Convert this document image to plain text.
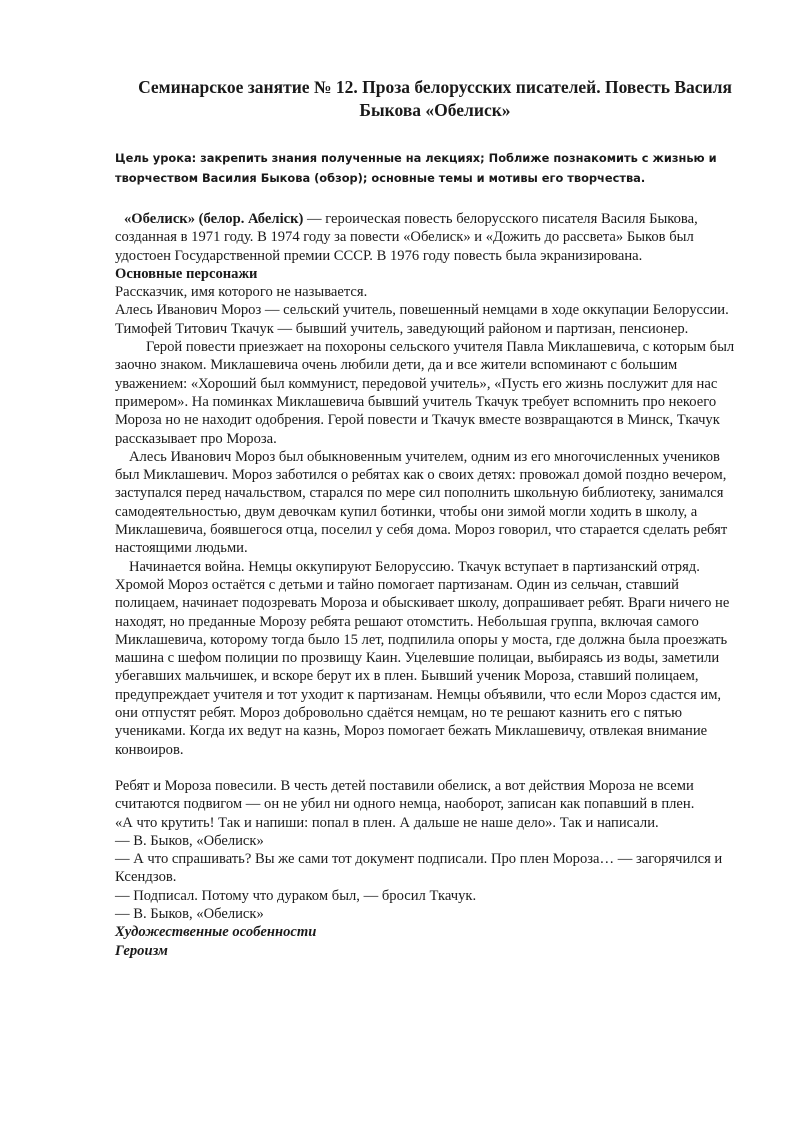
Семинарское занятие № 12. Проза белорусских писателей. Повесть Василя Быкова «Обелиск»

Цель урока: закрепить знания полученные на лекциях; Поближе познакомить с жизнью и творчеством Василия Быкова (обзор); основные темы и мотивы его творчества.

«Обелиск» (белор. Абеліск) — героическая повесть белорусского писателя Василя Быкова, созданная в 1971 году. В 1974 году за повести «Обелиск» и «Дожить до рассвета» Быков был удостоен Государственной премии СССР. В 1976 году повесть была экранизирована.

Основные персонажи

Рассказчик, имя которого не называется.

Алесь Иванович Мороз — сельский учитель, повешенный немцами в ходе оккупации Белоруссии.

Тимофей Титович Ткачук — бывший учитель, заведующий районом и партизан, пенсионер.

Герой повести приезжает на похороны сельского учителя Павла Миклашевича, с которым был заочно знаком. Миклашевича очень любили дети, да и все жители вспоминают с большим уважением: «Хороший был коммунист, передовой учитель», «Пусть его жизнь послужит для нас примером». На поминках Миклашевича бывший учитель Ткачук требует вспомнить про некоего Мороза но не находит одобрения. Герой повести и Ткачук вместе возвращаются в Минск, Ткачук рассказывает про Мороза.

Алесь Иванович Мороз был обыкновенным учителем, одним из его многочисленных учеников был Миклашевич. Мороз заботился о ребятах как о своих детях: провожал домой поздно вечером, заступался перед начальством, старался по мере сил пополнить школьную библиотеку, занимался самодеятельностью, двум девочкам купил ботинки, чтобы они зимой могли ходить в школу, а Миклашевича, боявшегося отца, поселил у себя дома. Мороз говорил, что старается сделать ребят настоящими людьми.

Начинается война. Немцы оккупируют Белоруссию. Ткачук вступает в партизанский отряд. Хромой Мороз остаётся с детьми и тайно помогает партизанам. Один из сельчан, ставший полицаем, начинает подозревать Мороза и обыскивает школу, допрашивает ребят. Враги ничего не находят, но преданные Морозу ребята решают отомстить. Небольшая группа, включая самого Миклашевича, которому тогда было 15 лет, подпилила опоры у моста, где должна была проезжать машина с шефом полиции по прозвищу Каин. Уцелевшие полицаи, выбираясь из воды, заметили убегавших мальчишек, и вскоре берут их в плен. Бывший ученик Мороза, ставший полицаем, предупреждает учителя и тот уходит к партизанам. Немцы объявили, что если Мороз сдастся им, они отпустят ребят. Мороз добровольно сдаётся немцам, но те решают казнить его с пятью учениками. Когда их ведут на казнь, Мороз помогает бежать Миклашевичу, отвлекая внимание конвоиров.

Ребят и Мороза повесили. В честь детей поставили обелиск, а вот действия Мороза не всеми считаются подвигом — он не убил ни одного немца, наоборот, записан как попавший в плен.

«А что крутить! Так и напиши: попал в плен. А дальше не наше дело». Так и написали.

— В. Быков, «Обелиск»

— А что спрашивать? Вы же сами тот документ подписали. Про плен Мороза… — загорячился и Ксендзов.

— Подписал. Потому что дураком был, — бросил Ткачук.

— В. Быков, «Обелиск»

Художественные особенности

Героизм
